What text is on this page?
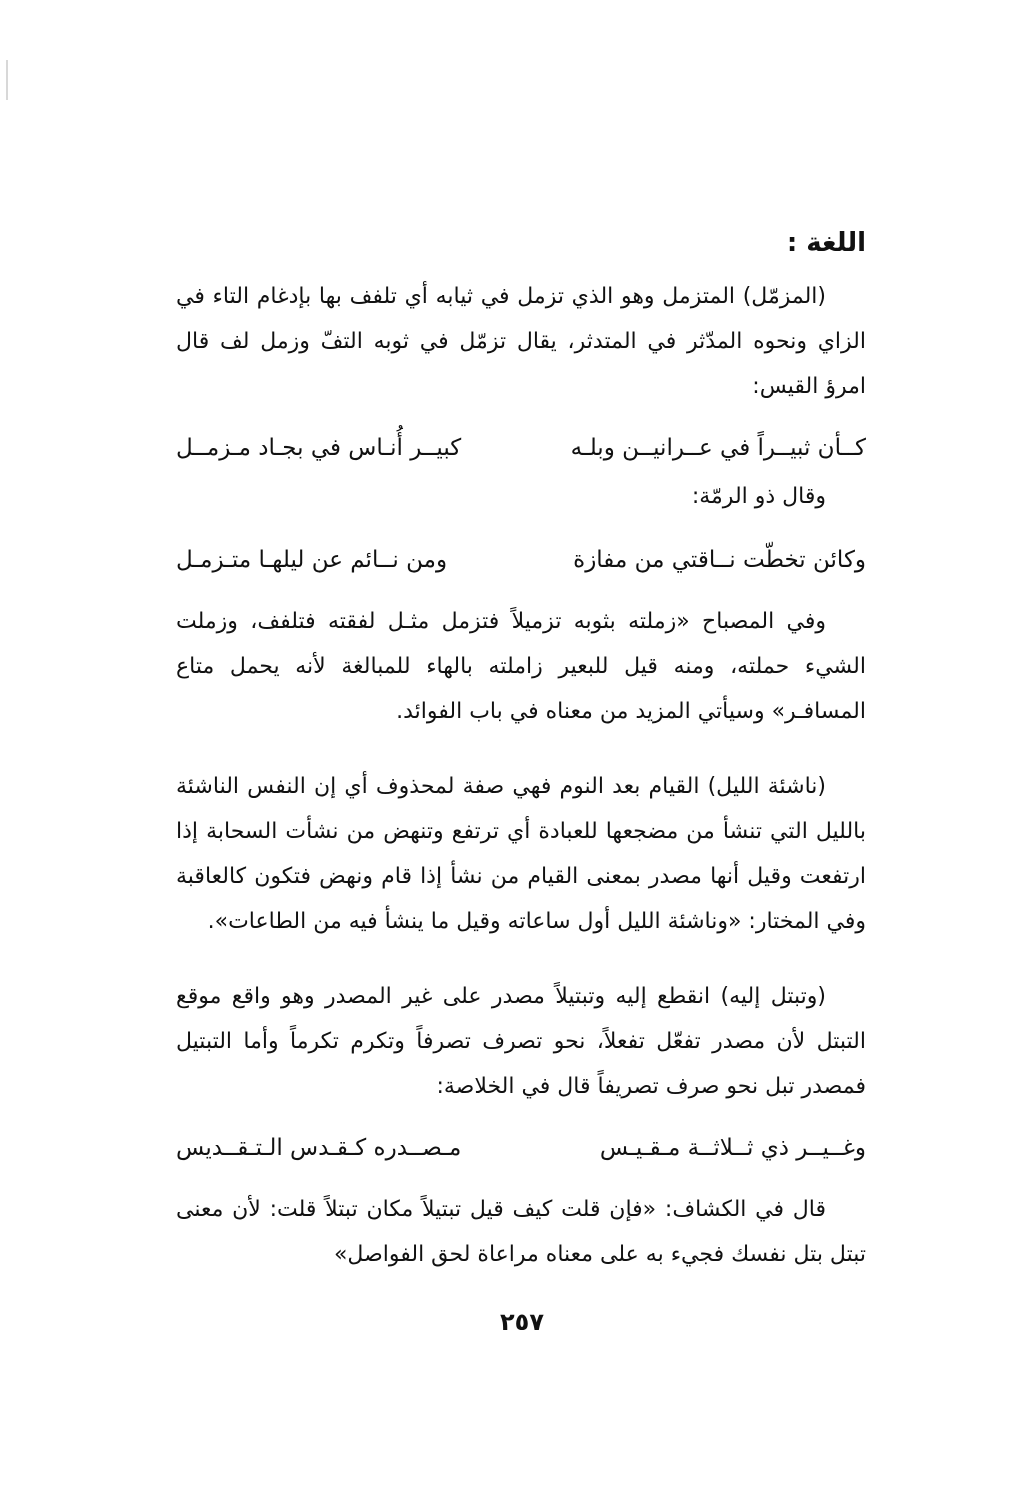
اللغة :

(المزمّل) المتزمل وهو الذي تزمل في ثيابه أي تلفف بها بإدغام التاء في الزاي ونحوه المدّثر في المتدثر، يقال تزمّل في ثوبه التفّ وزمل لف قال امرؤ القيس:

كــأن ثبيــراً في عــرانيــن وبلـه
كبيــر أُنـاس في بجـاد مـزمــل

وقال ذو الرمّة:

وكائن تخطّت نــاقتي من مفازة
ومن نــائم عن ليلهـا متـزمـل

وفي المصباح «زملته بثوبه تزميلاً فتزمل مثـل لفقته فتلفف، وزملت الشيء حملته، ومنه قيل للبعير زاملته بالهاء للمبالغة لأنه يحمل متاع المسافـر» وسيأتي المزيد من معناه في باب الفوائد.

(ناشئة الليل) القيام بعد النوم فهي صفة لمحذوف أي إن النفس الناشئة بالليل التي تنشأ من مضجعها للعبادة أي ترتفع وتنهض من نشأت السحابة إذا ارتفعت وقيل أنها مصدر بمعنى القيام من نشأ إذا قام ونهض فتكون كالعاقبة وفي المختار: «وناشئة الليل أول ساعاته وقيل ما ينشأ فيه من الطاعات».

(وتبتل إليه) انقطع إليه وتبتيلاً مصدر على غير المصدر وهو واقع موقع التبتل لأن مصدر تفعّل تفعلاً، نحو تصرف تصرفاً وتكرم تكرماً وأما التبتيل فمصدر تبل نحو صرف تصريفاً قال في الخلاصة:

وغــيــر ذي ثــلاثــة مـقـيـس
مـصــدره كـقـدس الـتـقــديس

قال في الكشاف: «فإن قلت كيف قيل تبتيلاً مكان تبتلاً قلت: لأن معنى تبتل بتل نفسك فجيء به على معناه مراعاة لحق الفواصل»

٢٥٧
